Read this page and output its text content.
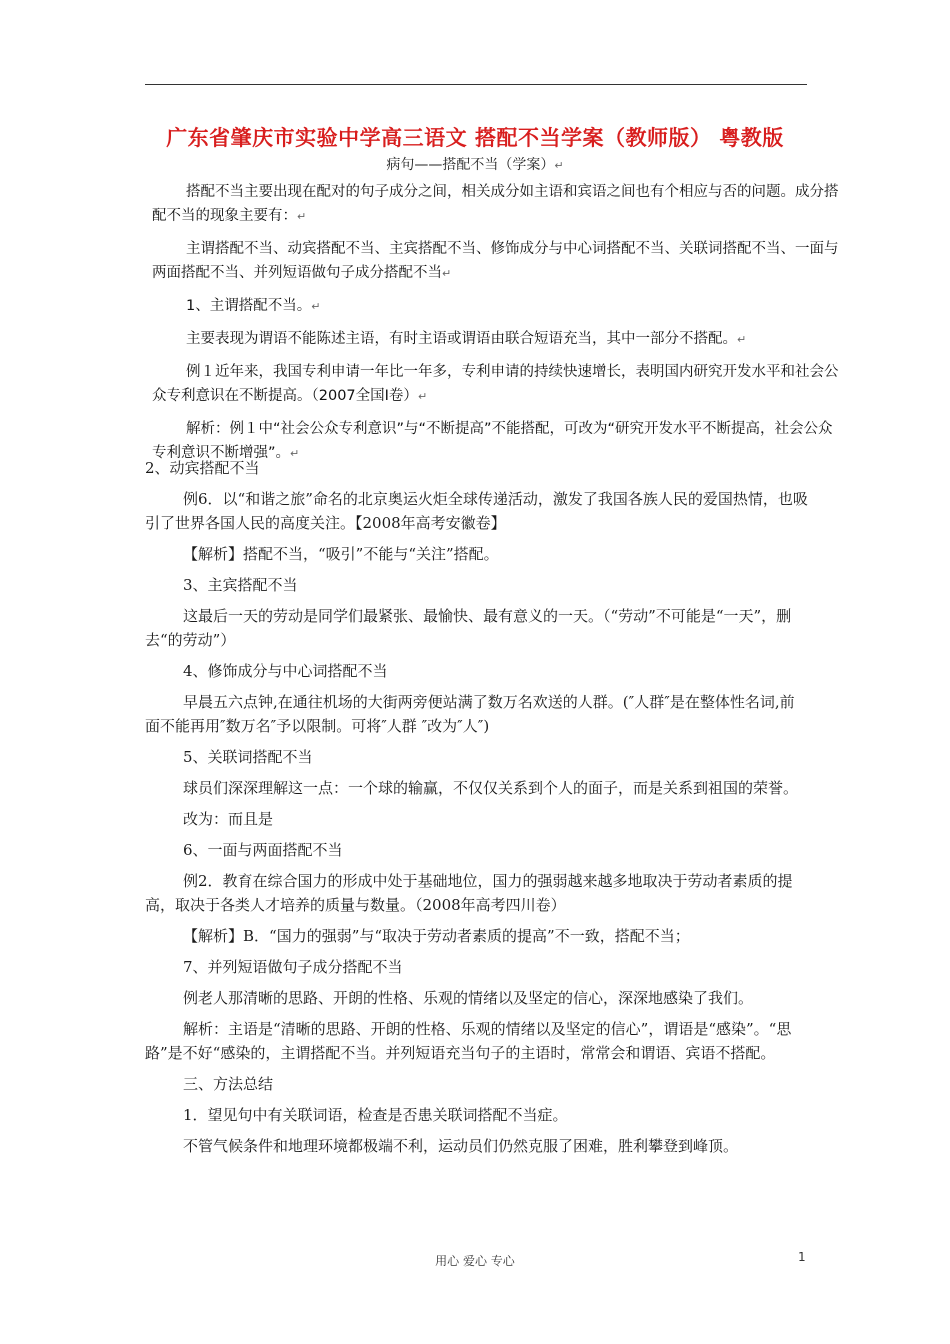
广东省肇庆市实验中学高三语文 搭配不当学案（教师版） 粤教版
病句——搭配不当（学案）↵

搭配不当主要出现在配对的句子成分之间，相关成分如主语和宾语之间也有个相应与否的问题。成分搭配不当的现象主要有：↵

主谓搭配不当、动宾搭配不当、主宾搭配不当、修饰成分与中心词搭配不当、关联词搭配不当、一面与两面搭配不当、并列短语做句子成分搭配不当↵

1、主谓搭配不当。↵

主要表现为谓语不能陈述主语，有时主语或谓语由联合短语充当，其中一部分不搭配。↵

例１近年来，我国专利申请一年比一年多，专利申请的持续快速增长，表明国内研究开发水平和社会公众专利意识在不断提高。（2007全国Ⅰ卷）↵

解析：例１中“社会公众专利意识”与“不断提高”不能搭配，可改为“研究开发水平不断提高，社会公众专利意识不断增强”。↵

2、动宾搭配不当

例6．以“和谐之旅”命名的北京奥运火炬全球传递活动，激发了我国各族人民的爱国热情，也吸引了世界各国人民的高度关注。【2008年高考安徽卷】

【解析】搭配不当，“吸引”不能与“关注”搭配。

3、主宾搭配不当

这最后一天的劳动是同学们最紧张、最愉快、最有意义的一天。（“劳动”不可能是“一天”，删去“的劳动”）

4、修饰成分与中心词搭配不当

早晨五六点钟,在通往机场的大街两旁便站满了数万名欢送的人群。(″人群″是在整体性名词,前面不能再用″数万名″予以限制。可将″人群 ″改为″人″)

5、关联词搭配不当

球员们深深理解这一点：一个球的输赢，不仅仅关系到个人的面子，而是关系到祖国的荣誉。

改为：而且是

6、一面与两面搭配不当

例2．教育在综合国力的形成中处于基础地位，国力的强弱越来越多地取决于劳动者素质的提高，取决于各类人才培养的质量与数量。（2008年高考四川卷）

【解析】B．“国力的强弱”与“取决于劳动者素质的提高”不一致，搭配不当；

7、并列短语做句子成分搭配不当

例老人那清晰的思路、开朗的性格、乐观的情绪以及坚定的信心，深深地感染了我们。

解析：主语是“清晰的思路、开朗的性格、乐观的情绪以及坚定的信心”，谓语是“感染”。“思路”是不好“感染的，主谓搭配不当。并列短语充当句子的主语时，常常会和谓语、宾语不搭配。

三、方法总结

1．望见句中有关联词语，检查是否患关联词搭配不当症。

不管气候条件和地理环境都极端不利，运动员们仍然克服了困难，胜利攀登到峰顶。

用心 爱心 专心	1
